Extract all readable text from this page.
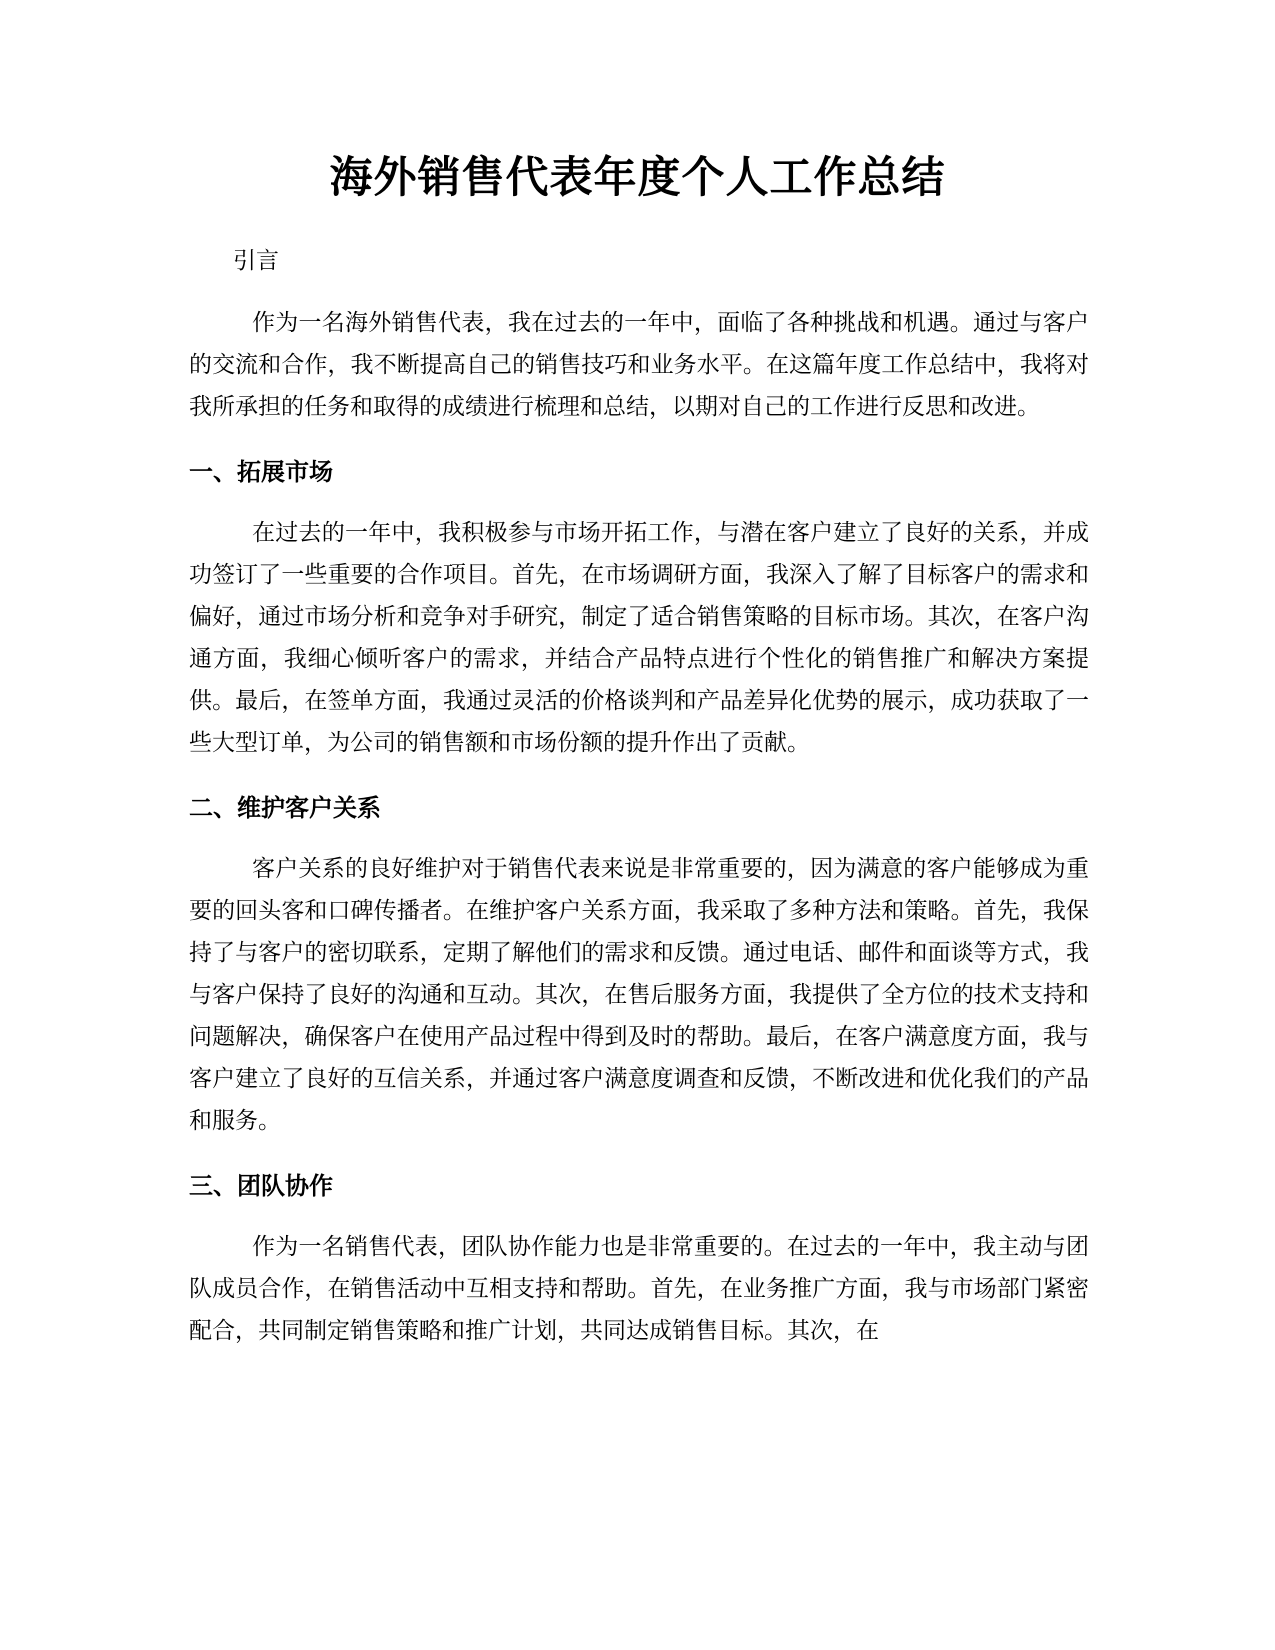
海外销售代表年度个人工作总结

引言

作为一名海外销售代表，我在过去的一年中，面临了各种挑战和机遇。通过与客户的交流和合作，我不断提高自己的销售技巧和业务水平。在这篇年度工作总结中，我将对我所承担的任务和取得的成绩进行梳理和总结，以期对自己的工作进行反思和改进。

一、拓展市场

在过去的一年中，我积极参与市场开拓工作，与潜在客户建立了良好的关系，并成功签订了一些重要的合作项目。首先，在市场调研方面，我深入了解了目标客户的需求和偏好，通过市场分析和竞争对手研究，制定了适合销售策略的目标市场。其次，在客户沟通方面，我细心倾听客户的需求，并结合产品特点进行个性化的销售推广和解决方案提供。最后，在签单方面，我通过灵活的价格谈判和产品差异化优势的展示，成功获取了一些大型订单，为公司的销售额和市场份额的提升作出了贡献。

二、维护客户关系

客户关系的良好维护对于销售代表来说是非常重要的，因为满意的客户能够成为重要的回头客和口碑传播者。在维护客户关系方面，我采取了多种方法和策略。首先，我保持了与客户的密切联系，定期了解他们的需求和反馈。通过电话、邮件和面谈等方式，我与客户保持了良好的沟通和互动。其次，在售后服务方面，我提供了全方位的技术支持和问题解决，确保客户在使用产品过程中得到及时的帮助。最后，在客户满意度方面，我与客户建立了良好的互信关系，并通过客户满意度调查和反馈，不断改进和优化我们的产品和服务。

三、团队协作

作为一名销售代表，团队协作能力也是非常重要的。在过去的一年中，我主动与团队成员合作，在销售活动中互相支持和帮助。首先，在业务推广方面，我与市场部门紧密配合，共同制定销售策略和推广计划，共同达成销售目标。其次，在
